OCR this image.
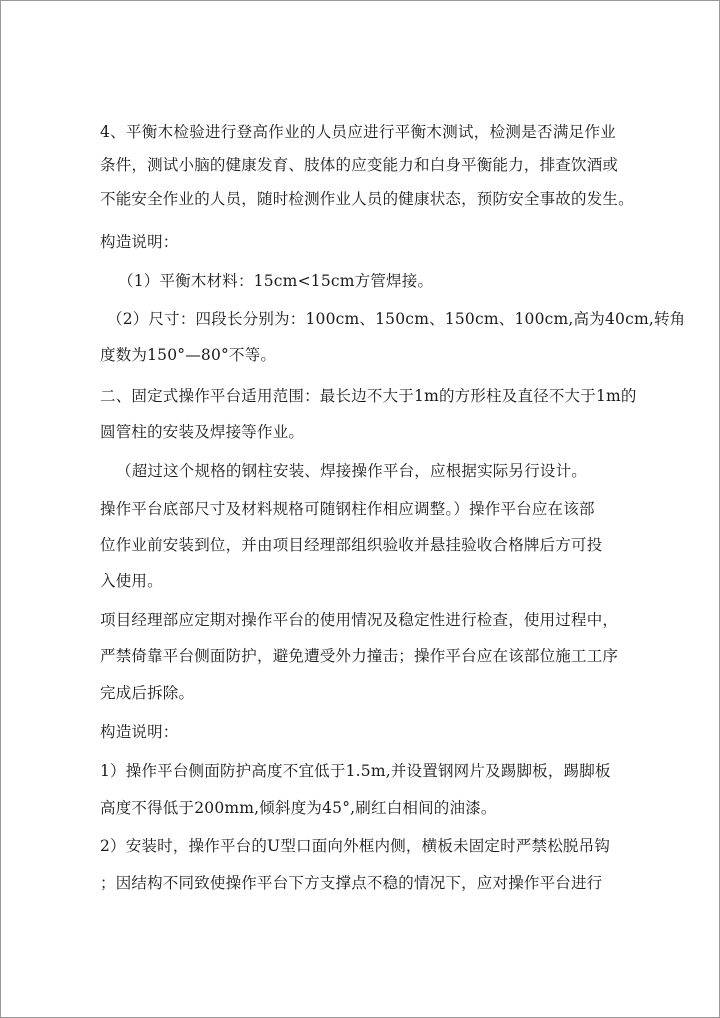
4、平衡木检验进行登高作业的人员应进行平衡木测试，检测是否满足作业
条件，测试小脑的健康发育、肢体的应变能力和白身平衡能力，排查饮酒或
不能安全作业的人员，随时检测作业人员的健康状态，预防安全事故的发生。
构造说明：
（1）平衡木材料：15cm<15cm方管焊接。
（2）尺寸：四段长分别为：100cm、150cm、150cm、100cm,高为40cm,转角
度数为150°—80°不等。
二、固定式操作平台适用范围：最长边不大于1m的方形柱及直径不大于1m的
圆管柱的安装及焊接等作业。
（超过这个规格的钢柱安装、焊接操作平台，应根据实际另行设计。
操作平台底部尺寸及材料规格可随钢柱作相应调整。）操作平台应在该部
位作业前安装到位，并由项目经理部组织验收并悬挂验收合格牌后方可投
入使用。
项目经理部应定期对操作平台的使用情况及稳定性进行检查，使用过程中，
严禁倚靠平台侧面防护，避免遭受外力撞击；操作平台应在该部位施工工序
完成后拆除。
构造说明：
1）操作平台侧面防护高度不宜低于1.5m,并设置钢网片及踢脚板，踢脚板
高度不得低于200mm,倾斜度为45°,刷红白相间的油漆。
2）安装时，操作平台的U型口面向外框内侧，横板未固定时严禁松脱吊钩
；因结构不同致使操作平台下方支撑点不稳的情况下，应对操作平台进行
